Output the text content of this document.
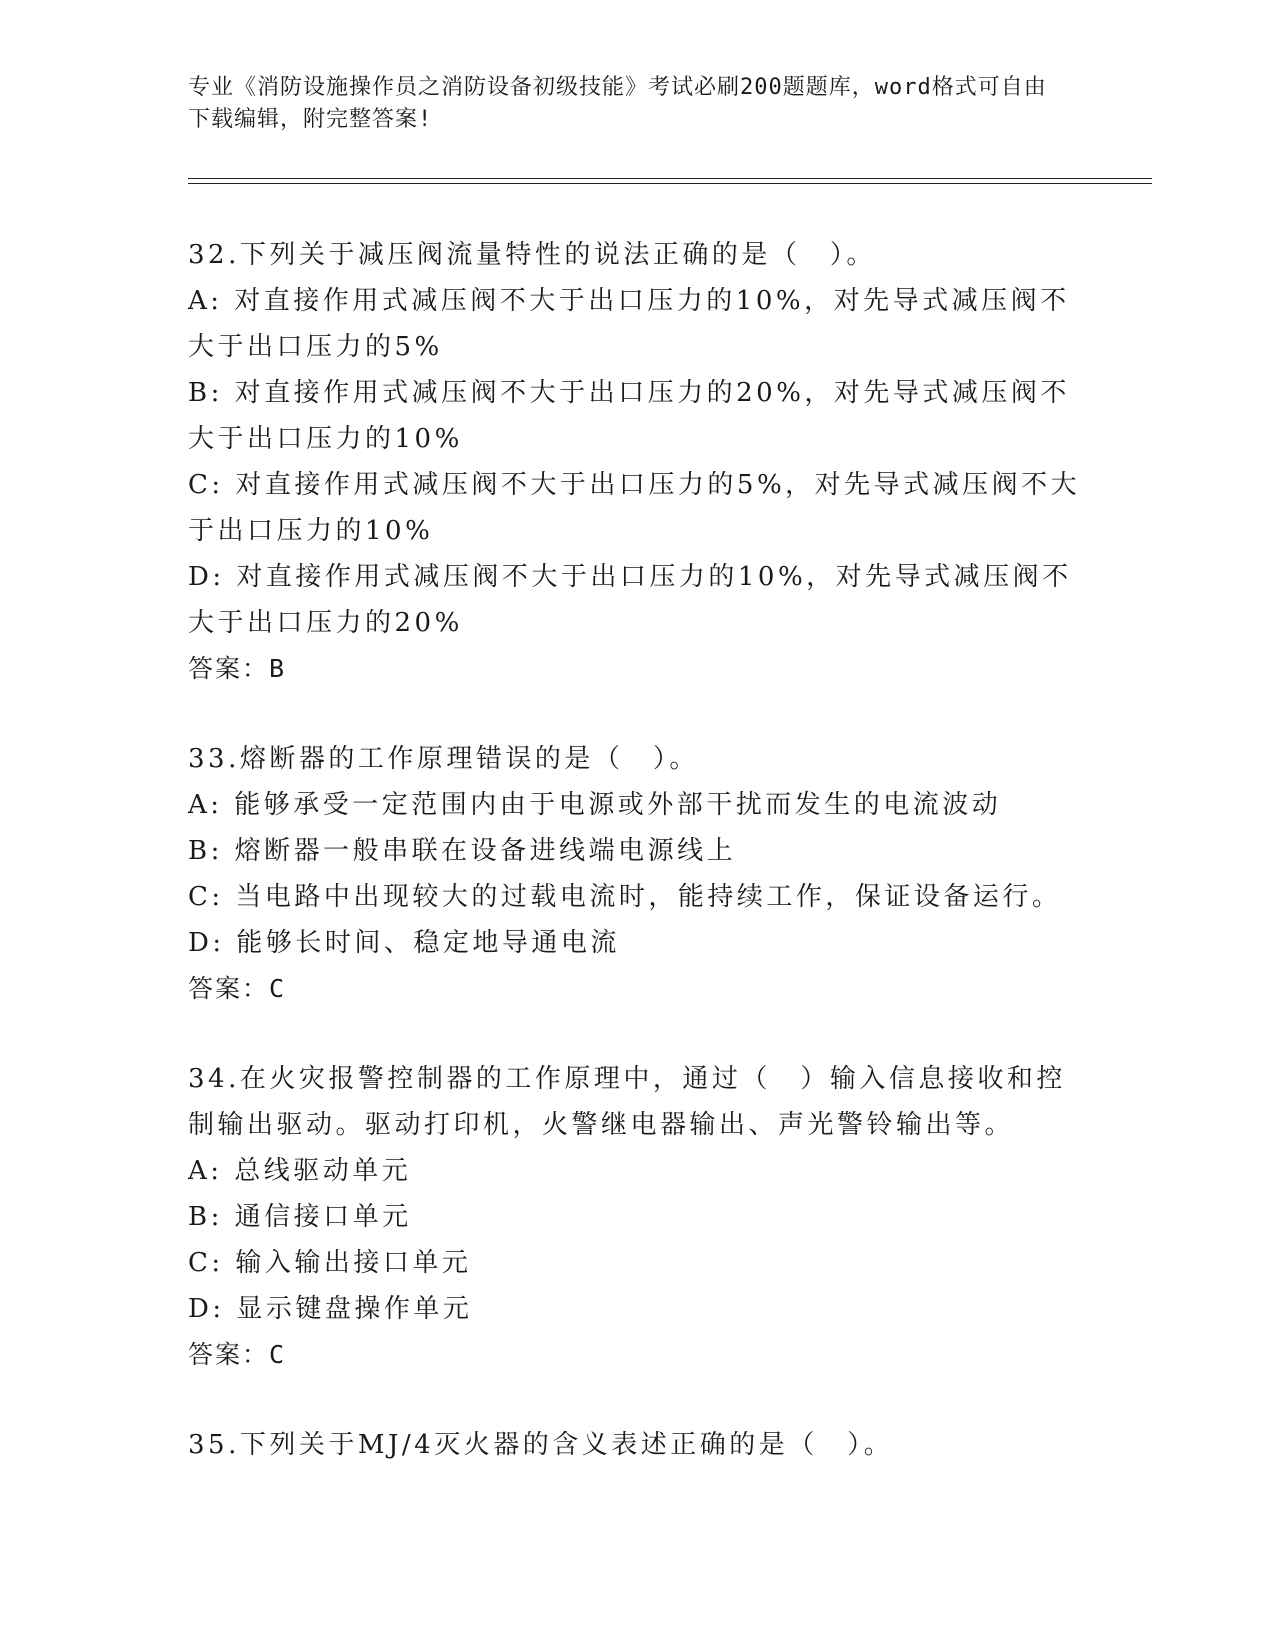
专业《消防设施操作员之消防设备初级技能》考试必刷200题题库，word格式可自由下载编辑，附完整答案!

32.下列关于减压阀流量特性的说法正确的是（　）。

A: 对直接作用式减压阀不大于出口压力的10%，对先导式减压阀不大于出口压力的5%

B: 对直接作用式减压阀不大于出口压力的20%，对先导式减压阀不大于出口压力的10%

C: 对直接作用式减压阀不大于出口压力的5%，对先导式减压阀不大于出口压力的10%

D: 对直接作用式减压阀不大于出口压力的10%，对先导式减压阀不大于出口压力的20%

答案：B

33.熔断器的工作原理错误的是（　）。

A: 能够承受一定范围内由于电源或外部干扰而发生的电流波动

B: 熔断器一般串联在设备进线端电源线上

C: 当电路中出现较大的过载电流时，能持续工作，保证设备运行。

D: 能够长时间、稳定地导通电流

答案：C

34.在火灾报警控制器的工作原理中，通过（　）输入信息接收和控制输出驱动。驱动打印机，火警继电器输出、声光警铃输出等。

A: 总线驱动单元

B: 通信接口单元

C: 输入输出接口单元

D: 显示键盘操作单元

答案：C

35.下列关于MJ/4灭火器的含义表述正确的是（　）。
